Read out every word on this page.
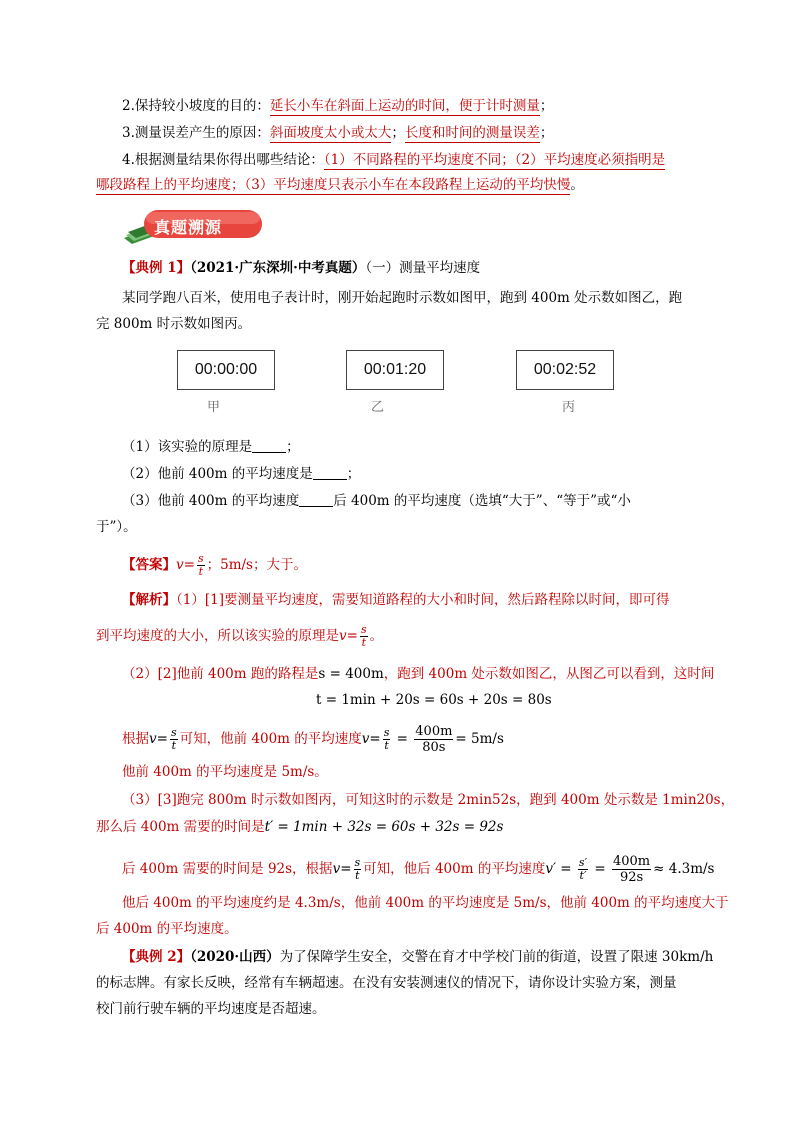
2.保持较小坡度的目的：延长小车在斜面上运动的时间，便于计时测量；
3.测量误差产生的原因：斜面坡度太小或太大；长度和时间的测量误差；
4.根据测量结果你得出哪些结论：（1）不同路程的平均速度不同；（2）平均速度必须指明是
哪段路程上的平均速度；（3）平均速度只表示小车在本段路程上运动的平均快慢。
真题溯源
【典例 1】（2021·广东深圳·中考真题）（一）测量平均速度
某同学跑八百米，使用电子表计时，刚开始起跑时示数如图甲，跑到 400m 处示数如图乙，跑
完 800m 时示数如图丙。
00:00:00	00:01:20	00:02:52
甲	乙	丙
（1）该实验的原理是	；
（2）他前 400m 的平均速度是	；
（3）他前 400m 的平均速度	后 400m 的平均速度（选填“大于”、“等于”或“小
于”）。
【答案】$v= \frac{s}{t}$ ；5m/s；大于。
【解析】（1）[1]要测量平均速度，需要知道路程的大小和时间，然后路程除以时间，即可得
到平均速度的大小，所以该实验的原理是$v= \frac{s}{t}$ 。
（2）[2]他前 400m 跑的路程是s = 400m，跑到 400m 处示数如图乙，从图乙可以看到，这时间
t = 1min + 20s = 60s + 20s = 80s
根据$v= \frac{s}{t}$ 可知，他前 400m 的平均速度$v= \frac{s}{t} = \frac{400m}{80s} = 5m/s$
他前 400m 的平均速度是 5m/s。
（3）[3]跑完 800m 时示数如图丙，可知这时的示数是 2min52s，跑到 400m 处示数是 1min20s，
那么后 400m 需要的时间是t′ = 1min + 32s = 60s + 32s = 92s
后 400m 需要的时间是 92s，根据$v= \frac{s}{t}$ 可知，他后 400m 的平均速度$v' = \frac{s'}{t'} = \frac{400m}{92s} \approx 4.3m/s$
他后 400m 的平均速度约是 4.3m/s，他前 400m 的平均速度是 5m/s，他前 400m 的平均速度大于
后 400m 的平均速度。
【典例 2】（2020·山西）为了保障学生安全，交警在育才中学校门前的街道，设置了限速 30km/h
的标志牌。有家长反映，经常有车辆超速。在没有安装测速仪的情况下，请你设计实验方案，测量
校门前行驶车辆的平均速度是否超速。
